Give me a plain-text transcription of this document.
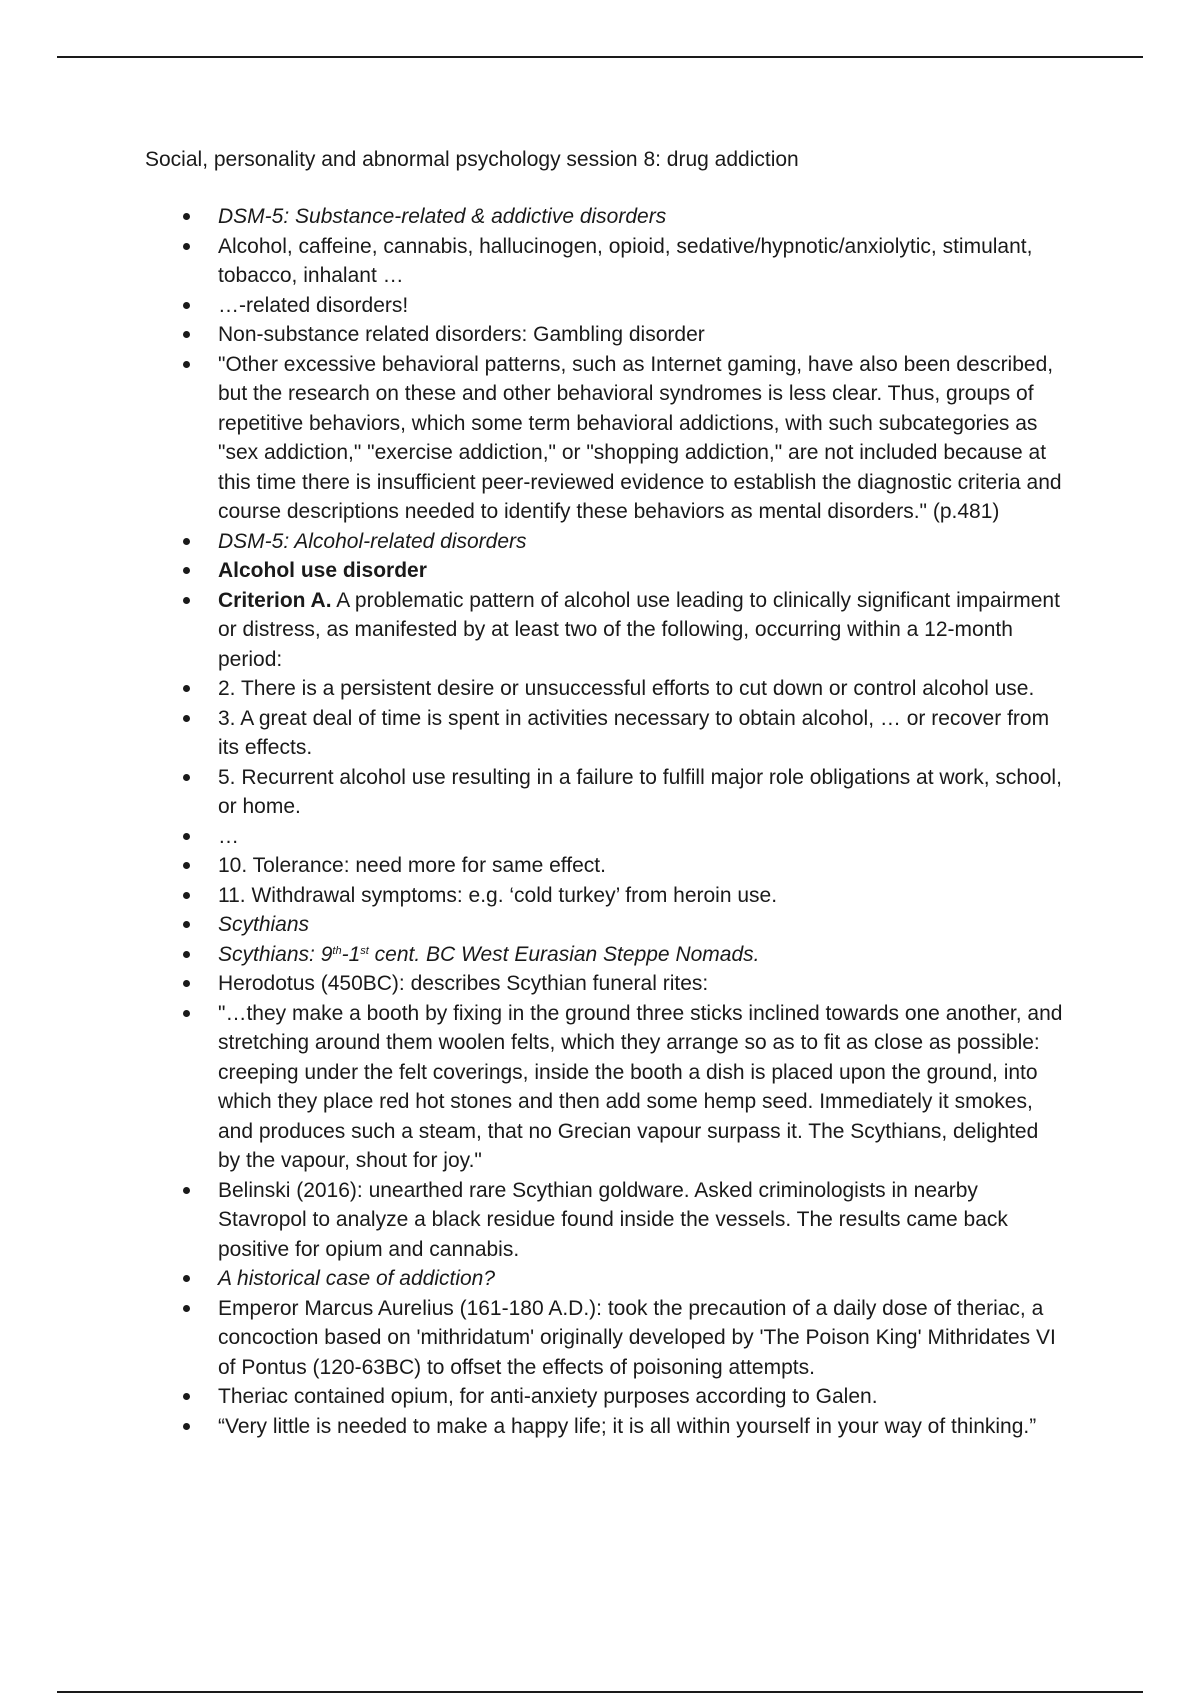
Social, personality and abnormal psychology session 8: drug addiction
DSM-5: Substance-related & addictive disorders
Alcohol, caffeine, cannabis, hallucinogen, opioid, sedative/hypnotic/anxiolytic, stimulant, tobacco, inhalant …
…-related disorders!
Non-substance related disorders: Gambling disorder
"Other excessive behavioral patterns, such as Internet gaming, have also been described, but the research on these and other behavioral syndromes is less clear. Thus, groups of repetitive behaviors, which some term behavioral addictions, with such subcategories as "sex addiction," "exercise addiction," or "shopping addiction," are not included because at this time there is insufficient peer-reviewed evidence to establish the diagnostic criteria and course descriptions needed to identify these behaviors as mental disorders." (p.481)
DSM-5: Alcohol-related disorders
Alcohol use disorder
Criterion A. A problematic pattern of alcohol use leading to clinically significant impairment or distress, as manifested by at least two of the following, occurring within a 12-month period:
2. There is a persistent desire or unsuccessful efforts to cut down or control alcohol use.
3. A great deal of time is spent in activities necessary to obtain alcohol, … or recover from its effects.
5. Recurrent alcohol use resulting in a failure to fulfill major role obligations at work, school, or home.
…
10. Tolerance: need more for same effect.
11. Withdrawal symptoms: e.g. ‘cold turkey’ from heroin use.
Scythians
Scythians: 9th-1st cent. BC West Eurasian Steppe Nomads.
Herodotus (450BC): describes Scythian funeral rites:
"…they make a booth by fixing in the ground three sticks inclined towards one another, and stretching around them woolen felts, which they arrange so as to fit as close as possible: creeping under the felt coverings, inside the booth a dish is placed upon the ground, into which they place red hot stones and then add some hemp seed. Immediately it smokes, and produces such a steam, that no Grecian vapour surpass it. The Scythians, delighted by the vapour, shout for joy."
Belinski (2016): unearthed rare Scythian goldware. Asked criminologists in nearby Stavropol to analyze a black residue found inside the vessels. The results came back positive for opium and cannabis.
A historical case of addiction?
Emperor Marcus Aurelius (161-180 A.D.): took the precaution of a daily dose of theriac, a concoction based on 'mithridatum' originally developed by 'The Poison King' Mithridates VI of Pontus (120-63BC) to offset the effects of poisoning attempts.
Theriac contained opium, for anti-anxiety purposes according to Galen.
“Very little is needed to make a happy life; it is all within yourself in your way of thinking.”
